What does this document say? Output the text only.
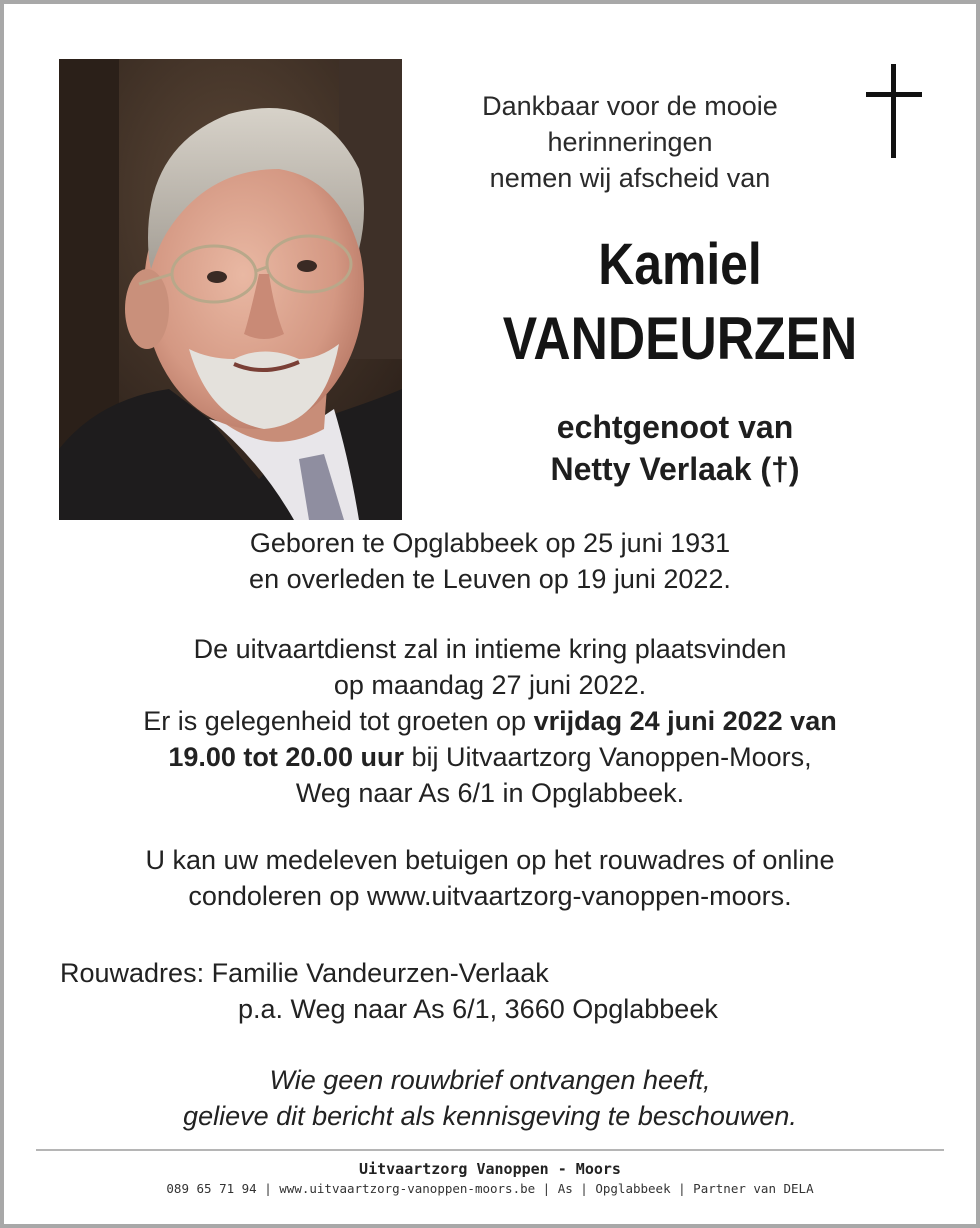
Dankbaar voor de mooie
herinneringen
nemen wij afscheid van
Kamiel
VANDEURZEN
echtgenoot van
Netty Verlaak (†)
Geboren te Opglabbeek op 25 juni 1931
en overleden te Leuven op 19 juni 2022.
De uitvaartdienst zal in intieme kring plaatsvinden
op maandag 27 juni 2022.
Er is gelegenheid tot groeten op vrijdag 24 juni 2022 van
19.00 tot 20.00 uur bij Uitvaartzorg Vanoppen-Moors,
Weg naar As 6/1 in Opglabbeek.
U kan uw medeleven betuigen op het rouwadres of online
condoleren op www.uitvaartzorg-vanoppen-moors.
Rouwadres: Familie Vandeurzen-Verlaak
p.a. Weg naar As 6/1, 3660 Opglabbeek
Wie geen rouwbrief ontvangen heeft,
gelieve dit bericht als kennisgeving te beschouwen.
Uitvaartzorg Vanoppen - Moors
089 65 71 94 | www.uitvaartzorg-vanoppen-moors.be | As | Opglabbeek | Partner van DELA
